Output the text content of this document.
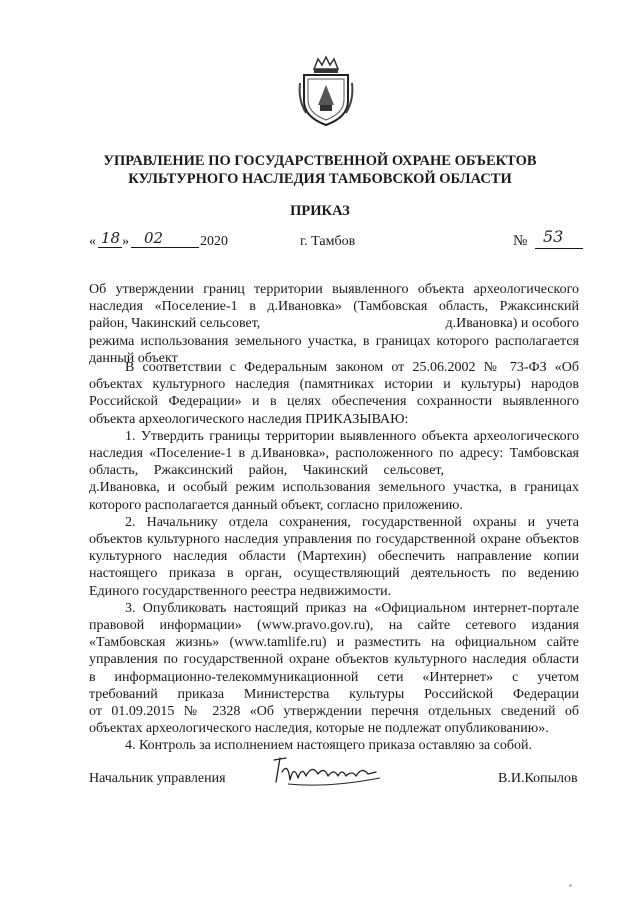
УПРАВЛЕНИЕ ПО ГОСУДАРСТВЕННОЙ ОХРАНЕ ОБЪЕКТОВ
КУЛЬТУРНОГО НАСЛЕДИЯ ТАМБОВСКОЙ ОБЛАСТИ
ПРИКАЗ
« 18 » 02	2020	г. Тамбов	№ 53

Об утверждении границ территории выявленного объекта археологического

наследия «Поселение-1 в д.Ивановка» (Тамбовская область, Ржаксинский

район, Чакинский сельсовет,	д.Ивановка) и особого

режима использования земельного участка, в границах которого располагается

данный объект

В соответствии с Федеральным законом от 25.06.2002 № 73-ФЗ «Об

объектах культурного наследия (памятниках истории и культуры) народов

Российской Федерации» и в целях обеспечения сохранности выявленного

объекта археологического наследия ПРИКАЗЫВАЮ:

1. Утвердить границы территории выявленного объекта археологического

наследия «Поселение-1 в д.Ивановка», расположенного по адресу: Тамбовская

область, Ржаксинский район, Чакинский сельсовет,

д.Ивановка, и особый режим использования земельного участка, в границах

которого располагается данный объект, согласно приложению.

2. Начальнику отдела сохранения, государственной охраны и учета

объектов культурного наследия управления по государственной охране объектов

культурного наследия области (Мартехин) обеспечить направление копии

настоящего приказа в орган, осуществляющий деятельность по ведению

Единого государственного реестра недвижимости.

3. Опубликовать настоящий приказ на «Официальном интернет-портале

правовой информации» (www.pravo.gov.ru), на сайте сетевого издания

«Тамбовская жизнь» (www.tamlife.ru) и разместить на официальном сайте

управления по государственной охране объектов культурного наследия области

в информационно-телекоммуникационной сети «Интернет» с учетом

требований приказа Министерства культуры Российской Федерации

от 01.09.2015 № 2328 «Об утверждении перечня отдельных сведений об

объектах археологического наследия, которые не подлежат опубликованию».

4. Контроль за исполнением настоящего приказа оставляю за собой.

Начальник управления	В.И.Копылов
